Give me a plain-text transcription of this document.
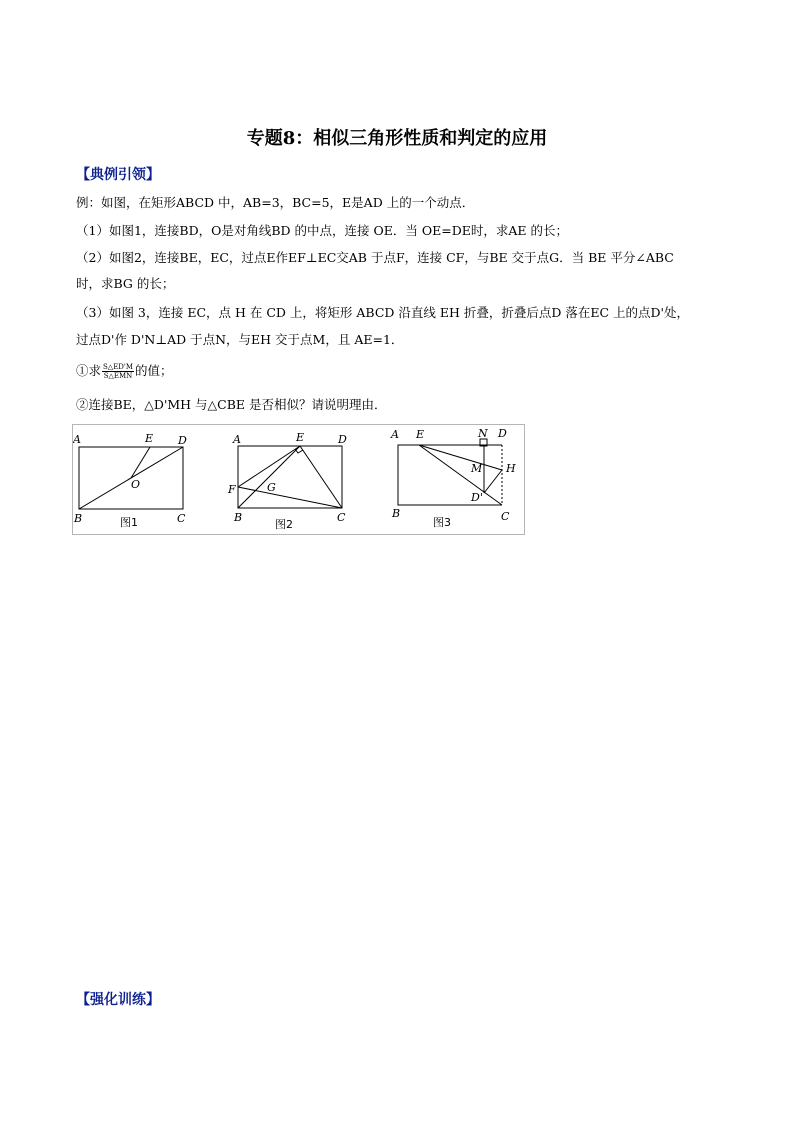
专题8：相似三角形性质和判定的应用
【典例引领】
例：如图，在矩形ABCD 中，AB=3，BC=5，E是AD 上的一个动点．
（1）如图1，连接BD，O是对角线BD 的中点，连接 OE．当 OE=DE时，求AE 的长；
（2）如图2，连接BE，EC，过点E作EF⊥EC交AB 于点F，连接 CF，与BE 交于点G．当 BE 平分∠ABC
时，求BG 的长；
（3）如图 3，连接 EC，点 H 在 CD 上，将矩形 ABCD 沿直线 EH 折叠，折叠后点D 落在EC 上的点D'处，
过点D'作 D'N⊥AD 于点N，与EH 交于点M，且 AE=1．
①求 $\frac{S\triangle ED'M}{\text{S△EMN}}$ 的值；
②连接BE，△D'MH 与△CBE 是否相似？请说明理由．
A	E D
O
B	C
图1
A	E	D
F	G
B	C
图2
A E	N D
M H
D'
B	C
图3
【强化训练】
